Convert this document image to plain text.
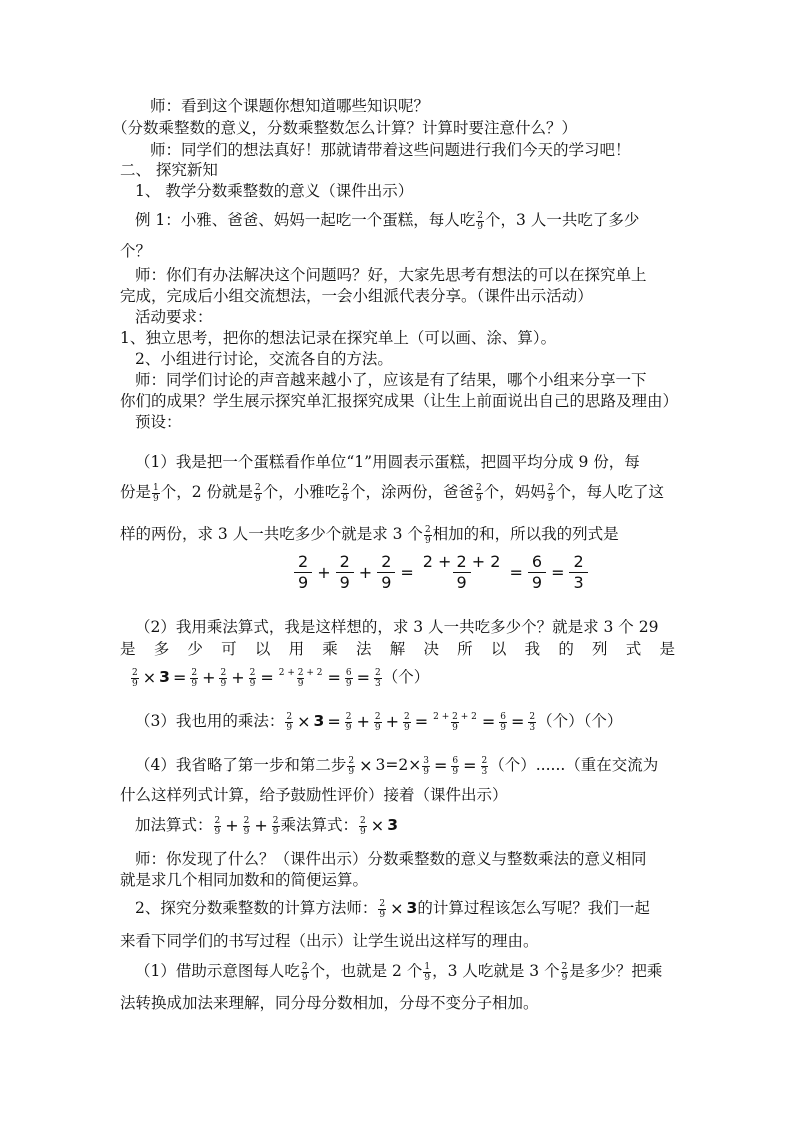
师：看到这个课题你想知道哪些知识呢？
（分数乘整数的意义，分数乘整数怎么计算？计算时要注意什么？）
师：同学们的想法真好！那就请带着这些问题进行我们今天的学习吧！
二、 探究新知
1、 教学分数乘整数的意义（课件出示）
例 1：小雅、爸爸、妈妈一起吃一个蛋糕，每人吃 $\frac{2}{9}$ 个，3 人一共吃了多少
个？
师：你们有办法解决这个问题吗？好，大家先思考有想法的可以在探究单上
完成，完成后小组交流想法，一会小组派代表分享。（课件出示活动）
活动要求：
1、独立思考，把你的想法记录在探究单上（可以画、涂、算）。
2、小组进行讨论，交流各自的方法。
师：同学们讨论的声音越来越小了，应该是有了结果，哪个小组来分享一下
你们的成果？学生展示探究单汇报探究成果（让生上前面说出自己的思路及理由）
预设：
（1）我是把一个蛋糕看作单位“1”用圆表示蛋糕，把圆平均分成 9 份，每
份是 $\frac{1}{9}$ 个，2 份就是 $\frac{2}{9}$ 个，小雅吃 $\frac{2}{9}$ 个，涂两份，爸爸 $\frac{2}{9}$ 个，妈妈 $\frac{2}{9}$ 个，每人吃了这
样的两份，求 3 人一共吃多少个就是求 3 个 $\frac{2}{9}$ 相加的和，所以我的列式是
$\frac{2}{9} + \frac{2}{9} + \frac{2}{9} = \frac{2 + 2 + 2}{9} = \frac{6}{9} = \frac{2}{3}$
（2）我用乘法算式，我是这样想的，求 3 人一共吃多少个？就是求 3 个 29
是 多 少 可 以 用 乘 法 解 决 所 以 我 的 列 式 是
$\frac{2}{9} \times 3 = \frac{2}{9} + \frac{2}{9} + \frac{2}{9} = \frac{2 + 2 + 2}{9} = \frac{6}{9} = \frac{2}{3}$ （个）
（3）我也用的乘法： $\frac{2}{9} \times 3 = \frac{2}{9} + \frac{2}{9} + \frac{2}{9} = \frac{2 + 2 + 2}{9} = \frac{6}{9} = \frac{2}{3}$ （个）（个）
（4）我省略了第一步和第二步 $\frac{2}{9} \times 3=2\times \frac{3}{9} = \frac{6}{9} = \frac{2}{3}$ （个）......（重在交流为
什么这样列式计算，给予鼓励性评价）接着（课件出示）
加法算式： $\frac{2}{9} + \frac{2}{9} + \frac{2}{9}$ 乘法算式： $\frac{2}{9} \times 3$
师：你发现了什么？（课件出示）分数乘整数的意义与整数乘法的意义相同
就是求几个相同加数和的简便运算。
2、探究分数乘整数的计算方法师： $\frac{2}{9} \times 3$的计算过程该怎么写呢？我们一起
来看下同学们的书写过程（出示）让学生说出这样写的理由。
（1）借助示意图每人吃 $\frac{2}{9}$ 个，也就是 2 个 $\frac{1}{9}$ ，3 人吃就是 3 个 $\frac{2}{9}$ 是多少？把乘
法转换成加法来理解，同分母分数相加，分母不变分子相加。
